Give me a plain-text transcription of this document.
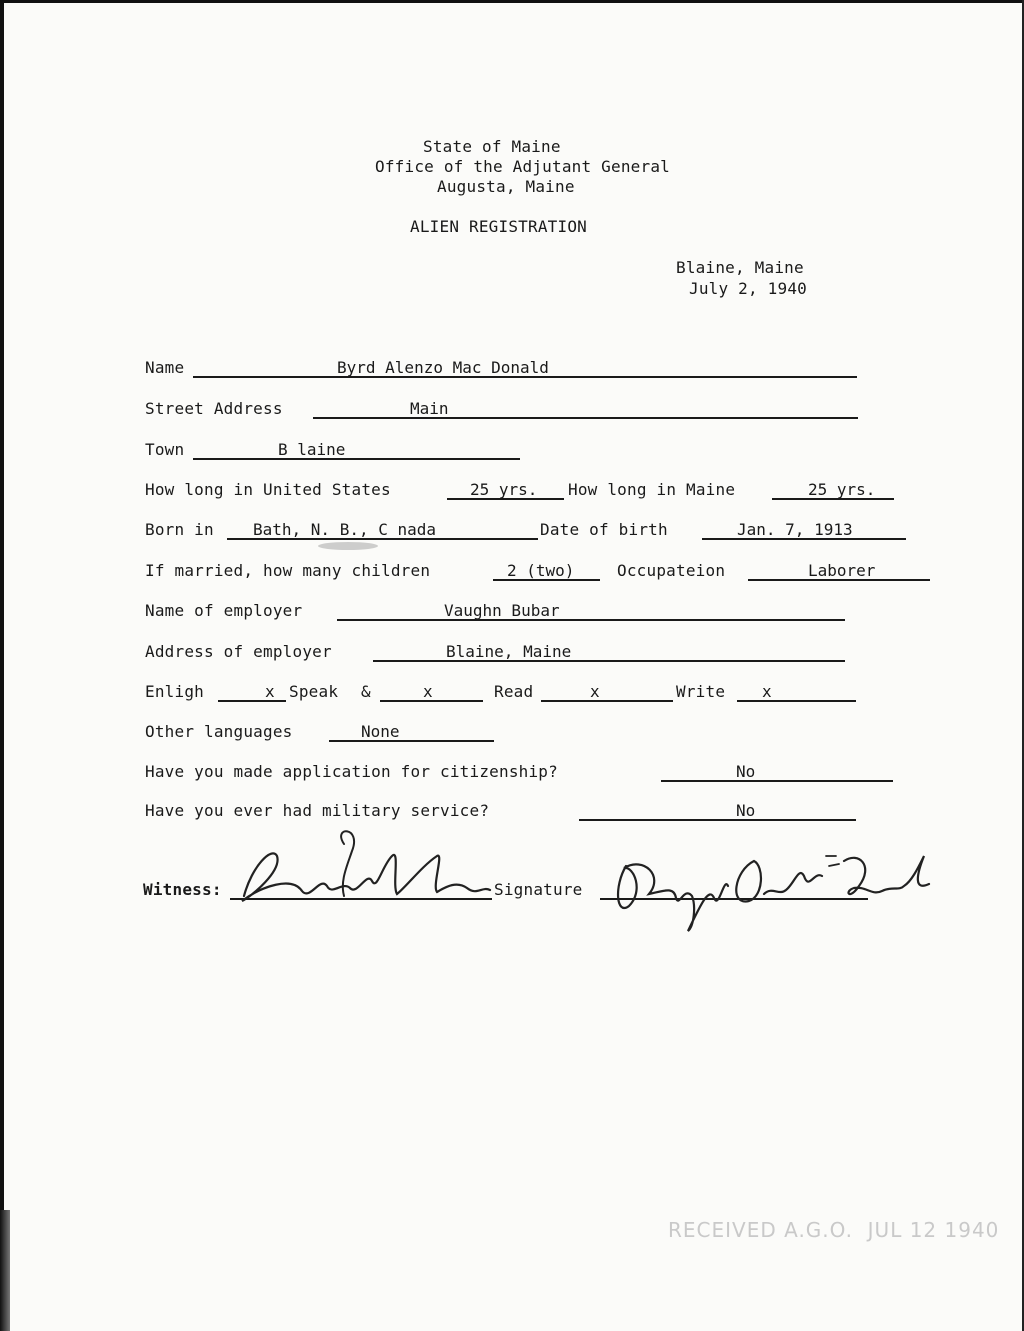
State of Maine
Office of the Adjutant General
Augusta, Maine
ALIEN REGISTRATION
Blaine, Maine
July 2, 1940
Name	Byrd Alenzo Mac Donald
Street Address	Main
Town	B laine
How long in United States	25 yrs. How long in Maine	25 yrs.
Born in Bath, N. B., C nada	Date of birth	Jan. 7, 1913
If married, how many children	2 (two)	Occupateion	Laborer
Name of employer	Vaughn Bubar
Address of employer	Blaine, Maine
Enligh	x Speak &	x	Read	x	Write x
Other languages	None
Have you made application for citizenship?	No
Have you ever had military service?	No
Witness:	Signature
RECEIVED A.G.O.  JUL 12 1940
